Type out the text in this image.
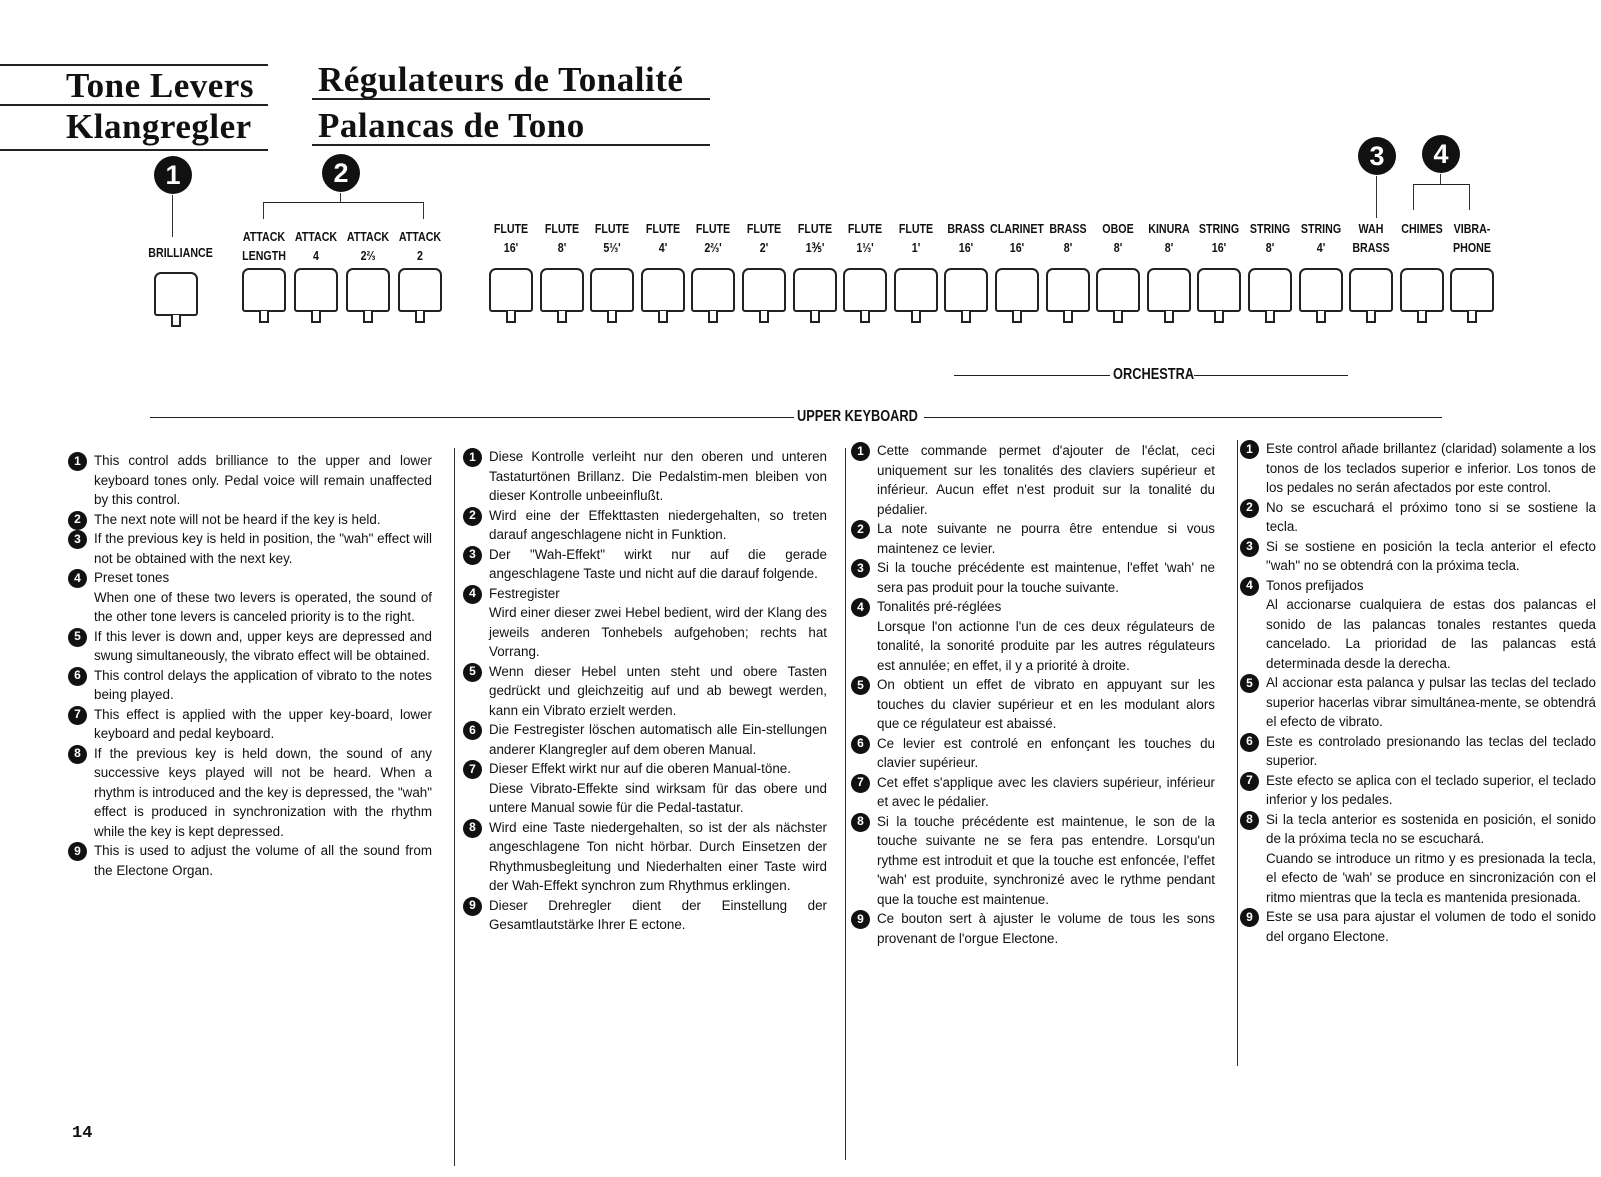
Tone Levers Régulateurs de Tonalité
Klangregler Palancas de Tono
1	2
3	4
BRILLIANCE
ORCHESTRA
UPPER KEYBOARD
1 This control adds brilliance to the upper and lower keyboard tones only. Pedal voice will remain unaffected by this control.

2 The next note will not be heard if the key is held.

3 If the previous key is held in position, the "wah" effect will not be obtained with the next key.

4 Preset tones

When one of these two levers is operated, the sound of the other tone levers is canceled priority is to the right.

5 If this lever is down and, upper keys are depressed and swung simultaneously, the vibrato effect will be obtained.

6 This control delays the application of vibrato to the notes being played.

7 This effect is applied with the upper key-board, lower keyboard and pedal keyboard.

8 If the previous key is held down, the sound of any successive keys played will not be heard. When a rhythm is introduced and the key is depressed, the "wah" effect is produced in synchronization with the rhythm while the key is kept depressed.

9 This is used to adjust the volume of all the sound from the Electone Organ.

1 Diese Kontrolle verleiht nur den oberen und unteren Tastaturtönen Brillanz. Die Pedalstim-men bleiben von dieser Kontrolle unbeeinflußt.

2 Wird eine der Effekttasten niedergehalten, so treten darauf angeschlagene nicht in Funktion.

3 Der "Wah-Effekt" wirkt nur auf die gerade angeschlagene Taste und nicht auf die darauf folgende.

4 Festregister

Wird einer dieser zwei Hebel bedient, wird der Klang des jeweils anderen Tonhebels aufgehoben; rechts hat Vorrang.

5 Wenn dieser Hebel unten steht und obere Tasten gedrückt und gleichzeitig auf und ab bewegt werden, kann ein Vibrato erzielt werden.

6 Die Festregister löschen automatisch alle Ein-stellungen anderer Klangregler auf dem oberen Manual.

7 Dieser Effekt wirkt nur auf die oberen Manual-töne.

Diese Vibrato-Effekte sind wirksam für das obere und untere Manual sowie für die Pedal-tastatur.

8 Wird eine Taste niedergehalten, so ist der als nächster angeschlagene Ton nicht hörbar. Durch Einsetzen der Rhythmusbegleitung und Niederhalten einer Taste wird der Wah-Effekt synchron zum Rhythmus erklingen.

9 Dieser Drehregler dient der Einstellung der Gesamtlautstärke Ihrer E ectone.

1 Cette commande permet d'ajouter de l'éclat, ceci uniquement sur les tonalités des claviers supérieur et inférieur. Aucun effet n'est produit sur la tonalité du pédalier.

2 La note suivante ne pourra être entendue si vous maintenez ce levier.

3 Si la touche précédente est maintenue, l'effet 'wah' ne sera pas produit pour la touche suivante.

4 Tonalités pré-réglées

Lorsque l'on actionne l'un de ces deux régulateurs de tonalité, la sonorité produite par les autres régulateurs est annulée; en effet, il y a priorité à droite.

5 On obtient un effet de vibrato en appuyant sur les touches du clavier supérieur et en les modulant alors que ce régulateur est abaissé.

6 Ce levier est controlé en enfonçant les touches du clavier supérieur.

7 Cet effet s'applique avec les claviers supérieur, inférieur et avec le pédalier.

8 Si la touche précédente est maintenue, le son de la touche suivante ne se fera pas entendre. Lorsqu'un rythme est introduit et que la touche est enfoncée, l'effet 'wah' est produite, synchronizé avec le rythme pendant que la touche est maintenue.

9 Ce bouton sert à ajuster le volume de tous les sons provenant de l'orgue Electone.

1 Este control añade brillantez (claridad) solamente a los tonos de los teclados superior e inferior. Los tonos de los pedales no serán afectados por este control.

2 No se escuchará el próximo tono si se sostiene la tecla.

3 Si se sostiene en posición la tecla anterior el efecto "wah" no se obtendrá con la próxima tecla.

4 Tonos prefijados

Al accionarse cualquiera de estas dos palancas el sonido de las palancas tonales restantes queda cancelado. La prioridad de las palancas está determinada desde la derecha.

5 Al accionar esta palanca y pulsar las teclas del teclado superior hacerlas vibrar simultánea-mente, se obtendrá el efecto de vibrato.

6 Este es controlado presionando las teclas del teclado superior.

7 Este efecto se aplica con el teclado superior, el teclado inferior y los pedales.

8 Si la tecla anterior es sostenida en posición, el sonido de la próxima tecla no se escuchará.

Cuando se introduce un ritmo y es presionada la tecla, el efecto de 'wah' se produce en sincronización con el ritmo mientras que la tecla es mantenida presionada.

9 Este se usa para ajustar el volumen de todo el sonido del organo Electone.

14
ATTACK
LENGTH
ATTACK
4
ATTACK
2⅔
ATTACK
2
FLUTE
16'
FLUTE
8'
FLUTE
5⅓'
FLUTE
4'
FLUTE
2⅔'
FLUTE
2'
FLUTE
1⅗'
FLUTE
1⅓'
FLUTE
1'
BRASS
16'
CLARINET
16'
BRASS
8'
OBOE
8'
KINURA
8'
STRING
16'
STRING
8'
STRING
4'
WAH
BRASS
CHIMES
VIBRA-
PHONE
